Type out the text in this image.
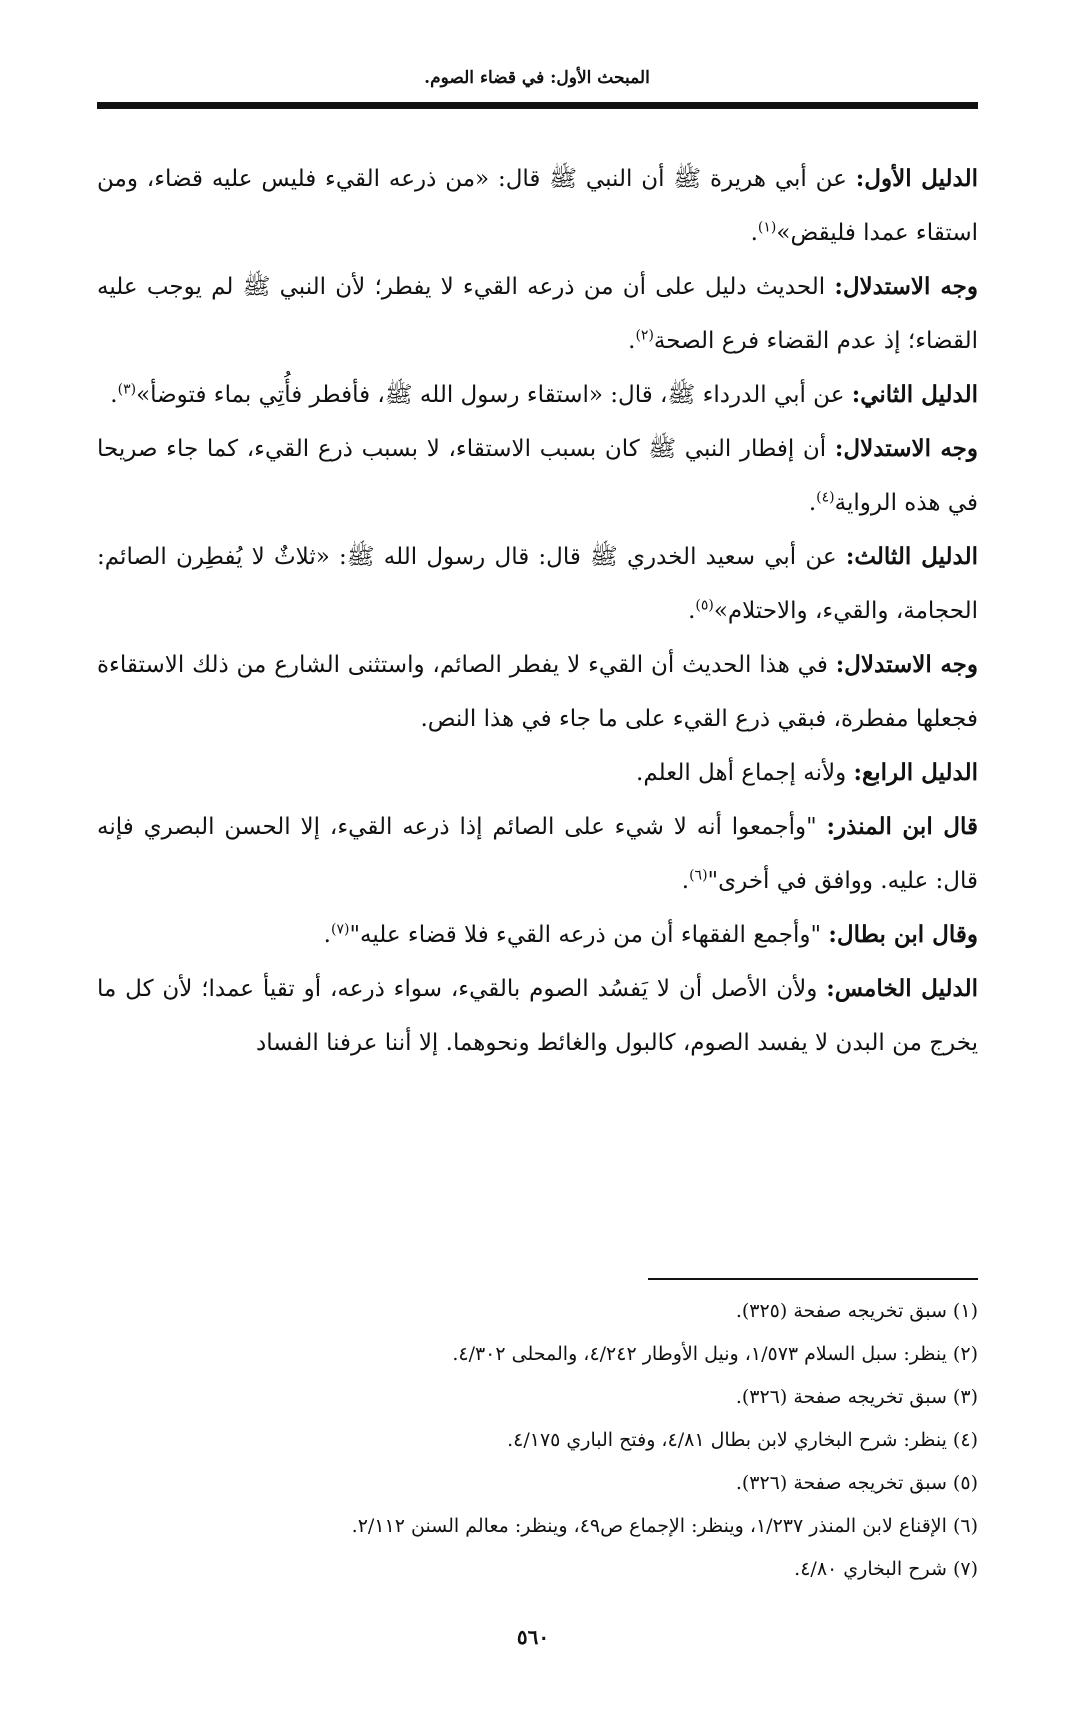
المبحث الأول: في قضاء الصوم.

الدليل الأول: عن أبي هريرة ﷺ أن النبي ﷺ قال: «من ذرعه القيء فليس عليه قضاء، ومن استقاء عمدا فليقض»$^{(١)}$.

وجه الاستدلال: الحديث دليل على أن من ذرعه القيء لا يفطر؛ لأن النبي ﷺ لم يوجب عليه القضاء؛ إذ عدم القضاء فرع الصحة$^{(٢)}$.

الدليل الثاني: عن أبي الدرداء ﷺ، قال: «استقاء رسول الله ﷺ، فأفطر فأُتِي بماء فتوضأ»$^{(٣)}$.

وجه الاستدلال: أن إفطار النبي ﷺ كان بسبب الاستقاء، لا بسبب ذرع القيء، كما جاء صريحا في هذه الرواية$^{(٤)}$.

الدليل الثالث: عن أبي سعيد الخدري ﷺ قال: قال رسول الله ﷺ: «ثلاثٌ لا يُفطِرن الصائم: الحجامة، والقيء، والاحتلام»$^{(٥)}$.

وجه الاستدلال: في هذا الحديث أن القيء لا يفطر الصائم، واستثنى الشارع من ذلك الاستقاءة فجعلها مفطرة، فبقي ذرع القيء على ما جاء في هذا النص.

الدليل الرابع: ولأنه إجماع أهل العلم.

قال ابن المنذر: "وأجمعوا أنه لا شيء على الصائم إذا ذرعه القيء، إلا الحسن البصري فإنه قال: عليه. ووافق في أخرى"$^{(٦)}$.

وقال ابن بطال: "وأجمع الفقهاء أن من ذرعه القيء فلا قضاء عليه"$^{(٧)}$.

الدليل الخامس: ولأن الأصل أن لا يَفسُد الصوم بالقيء، سواء ذرعه، أو تقيأ عمدا؛ لأن كل ما يخرج من البدن لا يفسد الصوم، كالبول والغائط ونحوهما. إلا أننا عرفنا الفساد

(١) سبق تخريجه صفحة (٣٢٥).

(٢) ينظر: سبل السلام ١/٥٧٣، ونيل الأوطار ٤/٢٤٢، والمحلى ٤/٣٠٢.

(٣) سبق تخريجه صفحة (٣٢٦).

(٤) ينظر: شرح البخاري لابن بطال ٤/٨١، وفتح الباري ٤/١٧٥.

(٥) سبق تخريجه صفحة (٣٢٦).

(٦) الإقناع لابن المنذر ١/٢٣٧، وينظر: الإجماع ص٤٩، وينظر: معالم السنن ٢/١١٢.

(٧) شرح البخاري ٤/٨٠.

٥٦٠
